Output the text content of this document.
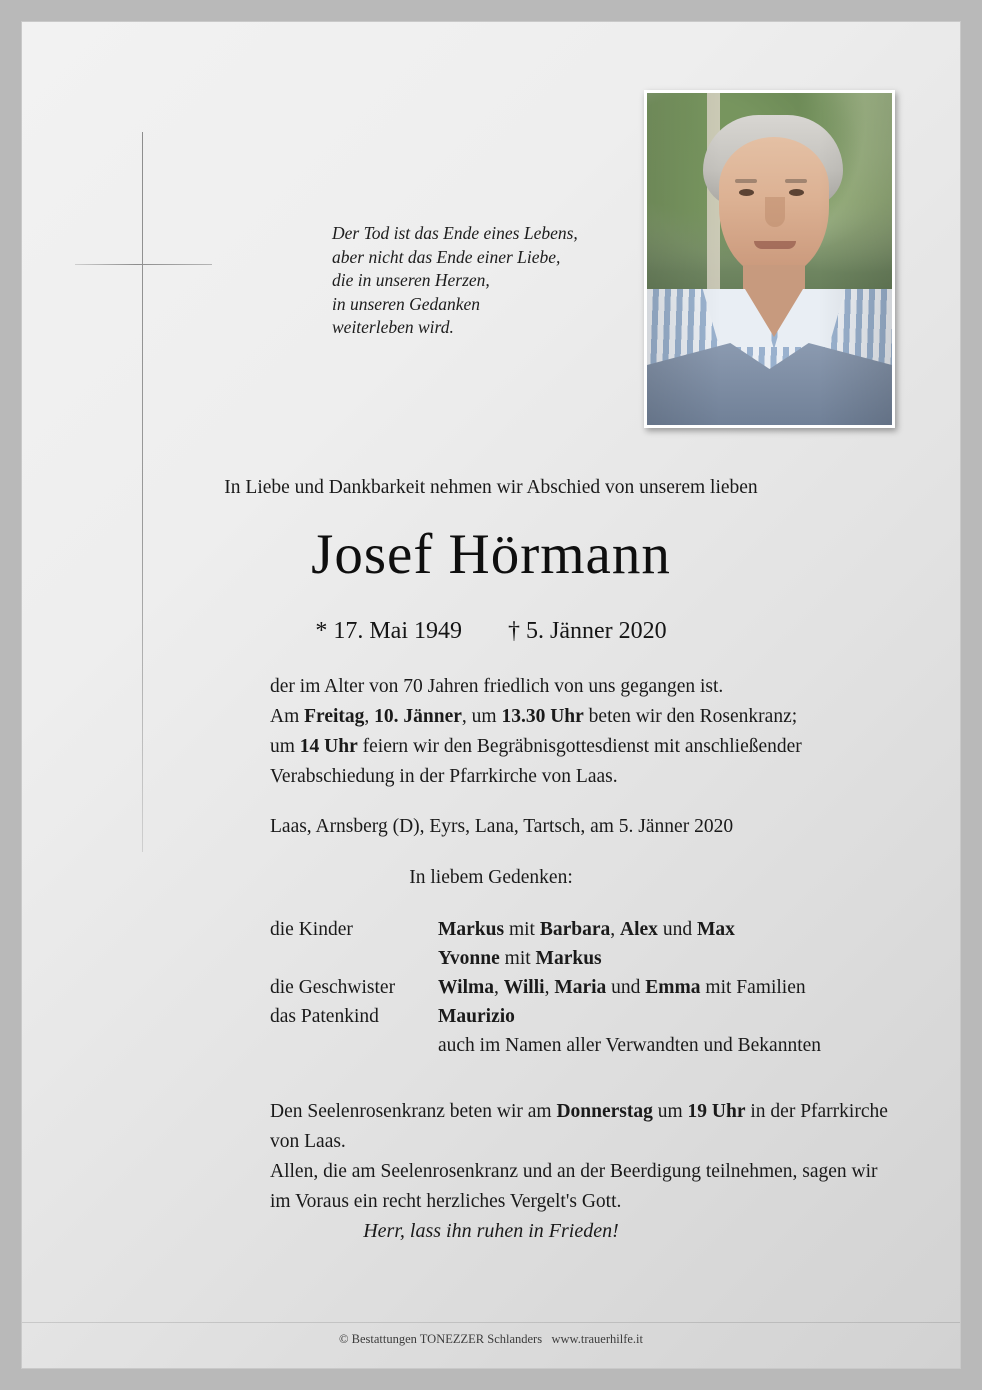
Der Tod ist das Ende eines Lebens,
aber nicht das Ende einer Liebe,
die in unseren Herzen,
in unseren Gedanken
weiterleben wird.
In Liebe und Dankbarkeit nehmen wir Abschied von unserem lieben
Josef Hörmann
* 17. Mai 1949 † 5. Jänner 2020
der im Alter von 70 Jahren friedlich von uns gegangen ist.
Am Freitag, 10. Jänner, um 13.30 Uhr beten wir den Rosenkranz;
um 14 Uhr feiern wir den Begräbnisgottesdienst mit anschließender
Verabschiedung in der Pfarrkirche von Laas.
Laas, Arnsberg (D), Eyrs, Lana, Tartsch, am 5. Jänner 2020
In liebem Gedenken:
die Kinder	Markus mit Barbara, Alex und Max
Yvonne mit Markus
die Geschwister	Wilma, Willi, Maria und Emma mit Familien
das Patenkind	Maurizio
auch im Namen aller Verwandten und Bekannten
Den Seelenrosenkranz beten wir am Donnerstag um 19 Uhr in der Pfarrkirche
von Laas.
Allen, die am Seelenrosenkranz und an der Beerdigung teilnehmen, sagen wir
im Voraus ein recht herzliches Vergelt's Gott.
Herr, lass ihn ruhen in Frieden!
© Bestattungen TONEZZER Schlanders www.trauerhilfe.it
